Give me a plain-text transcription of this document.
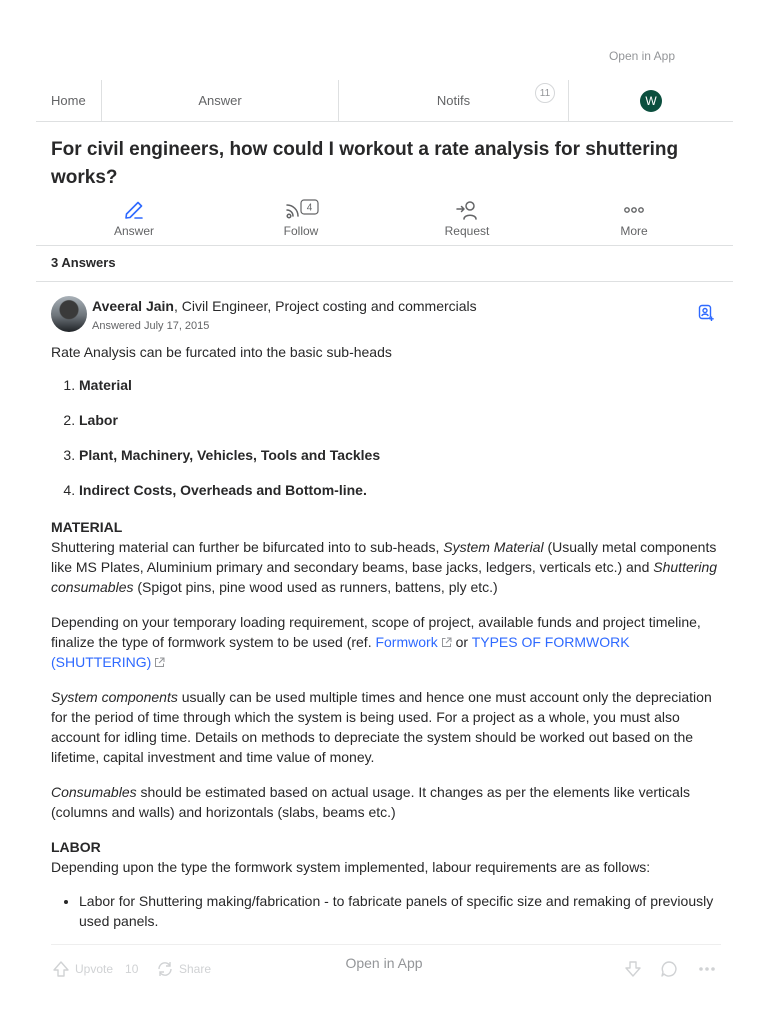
Open in App
Home	Answer	Notifs	11
W
For civil engineers, how could I workout a rate analysis for shuttering works?
Answer
4
Follow	Request	More
3 Answers
Aveeral Jain, Civil Engineer, Project costing and commercials
Answered July 17, 2015

Rate Analysis can be furcated into the basic sub-heads

1. Material
2. Labor
3. Plant, Machinery, Vehicles, Tools and Tackles
4. Indirect Costs, Overheads and Bottom-line.

MATERIAL
Shuttering material can further be bifurcated into to sub-heads, System Material (Usually metal components like MS Plates, Aluminium primary and secondary beams, base jacks, ledgers, verticals etc.) and Shuttering consumables (Spigot pins, pine wood used as runners, battens, ply etc.)

Depending on your temporary loading requirement, scope of project, available funds and project timeline, finalize the type of formwork system to be used (ref. Formwork or TYPES OF FORMWORK (SHUTTERING)

System components usually can be used multiple times and hence one must account only the depreciation for the period of time through which the system is being used. For a project as a whole, you must also account for idling time. Details on methods to depreciate the system should be worked out based on the lifetime, capital investment and time value of money.

Consumables should be estimated based on actual usage. It changes as per the elements like verticals (columns and walls) and horizontals (slabs, beams etc.)

LABOR
Depending upon the type the formwork system implemented, labour requirements are as follows:

• Labor for Shuttering making/fabrication - to fabricate panels of specific size and remaking of previously used panels.
Upvote 10	Share	Open in App
